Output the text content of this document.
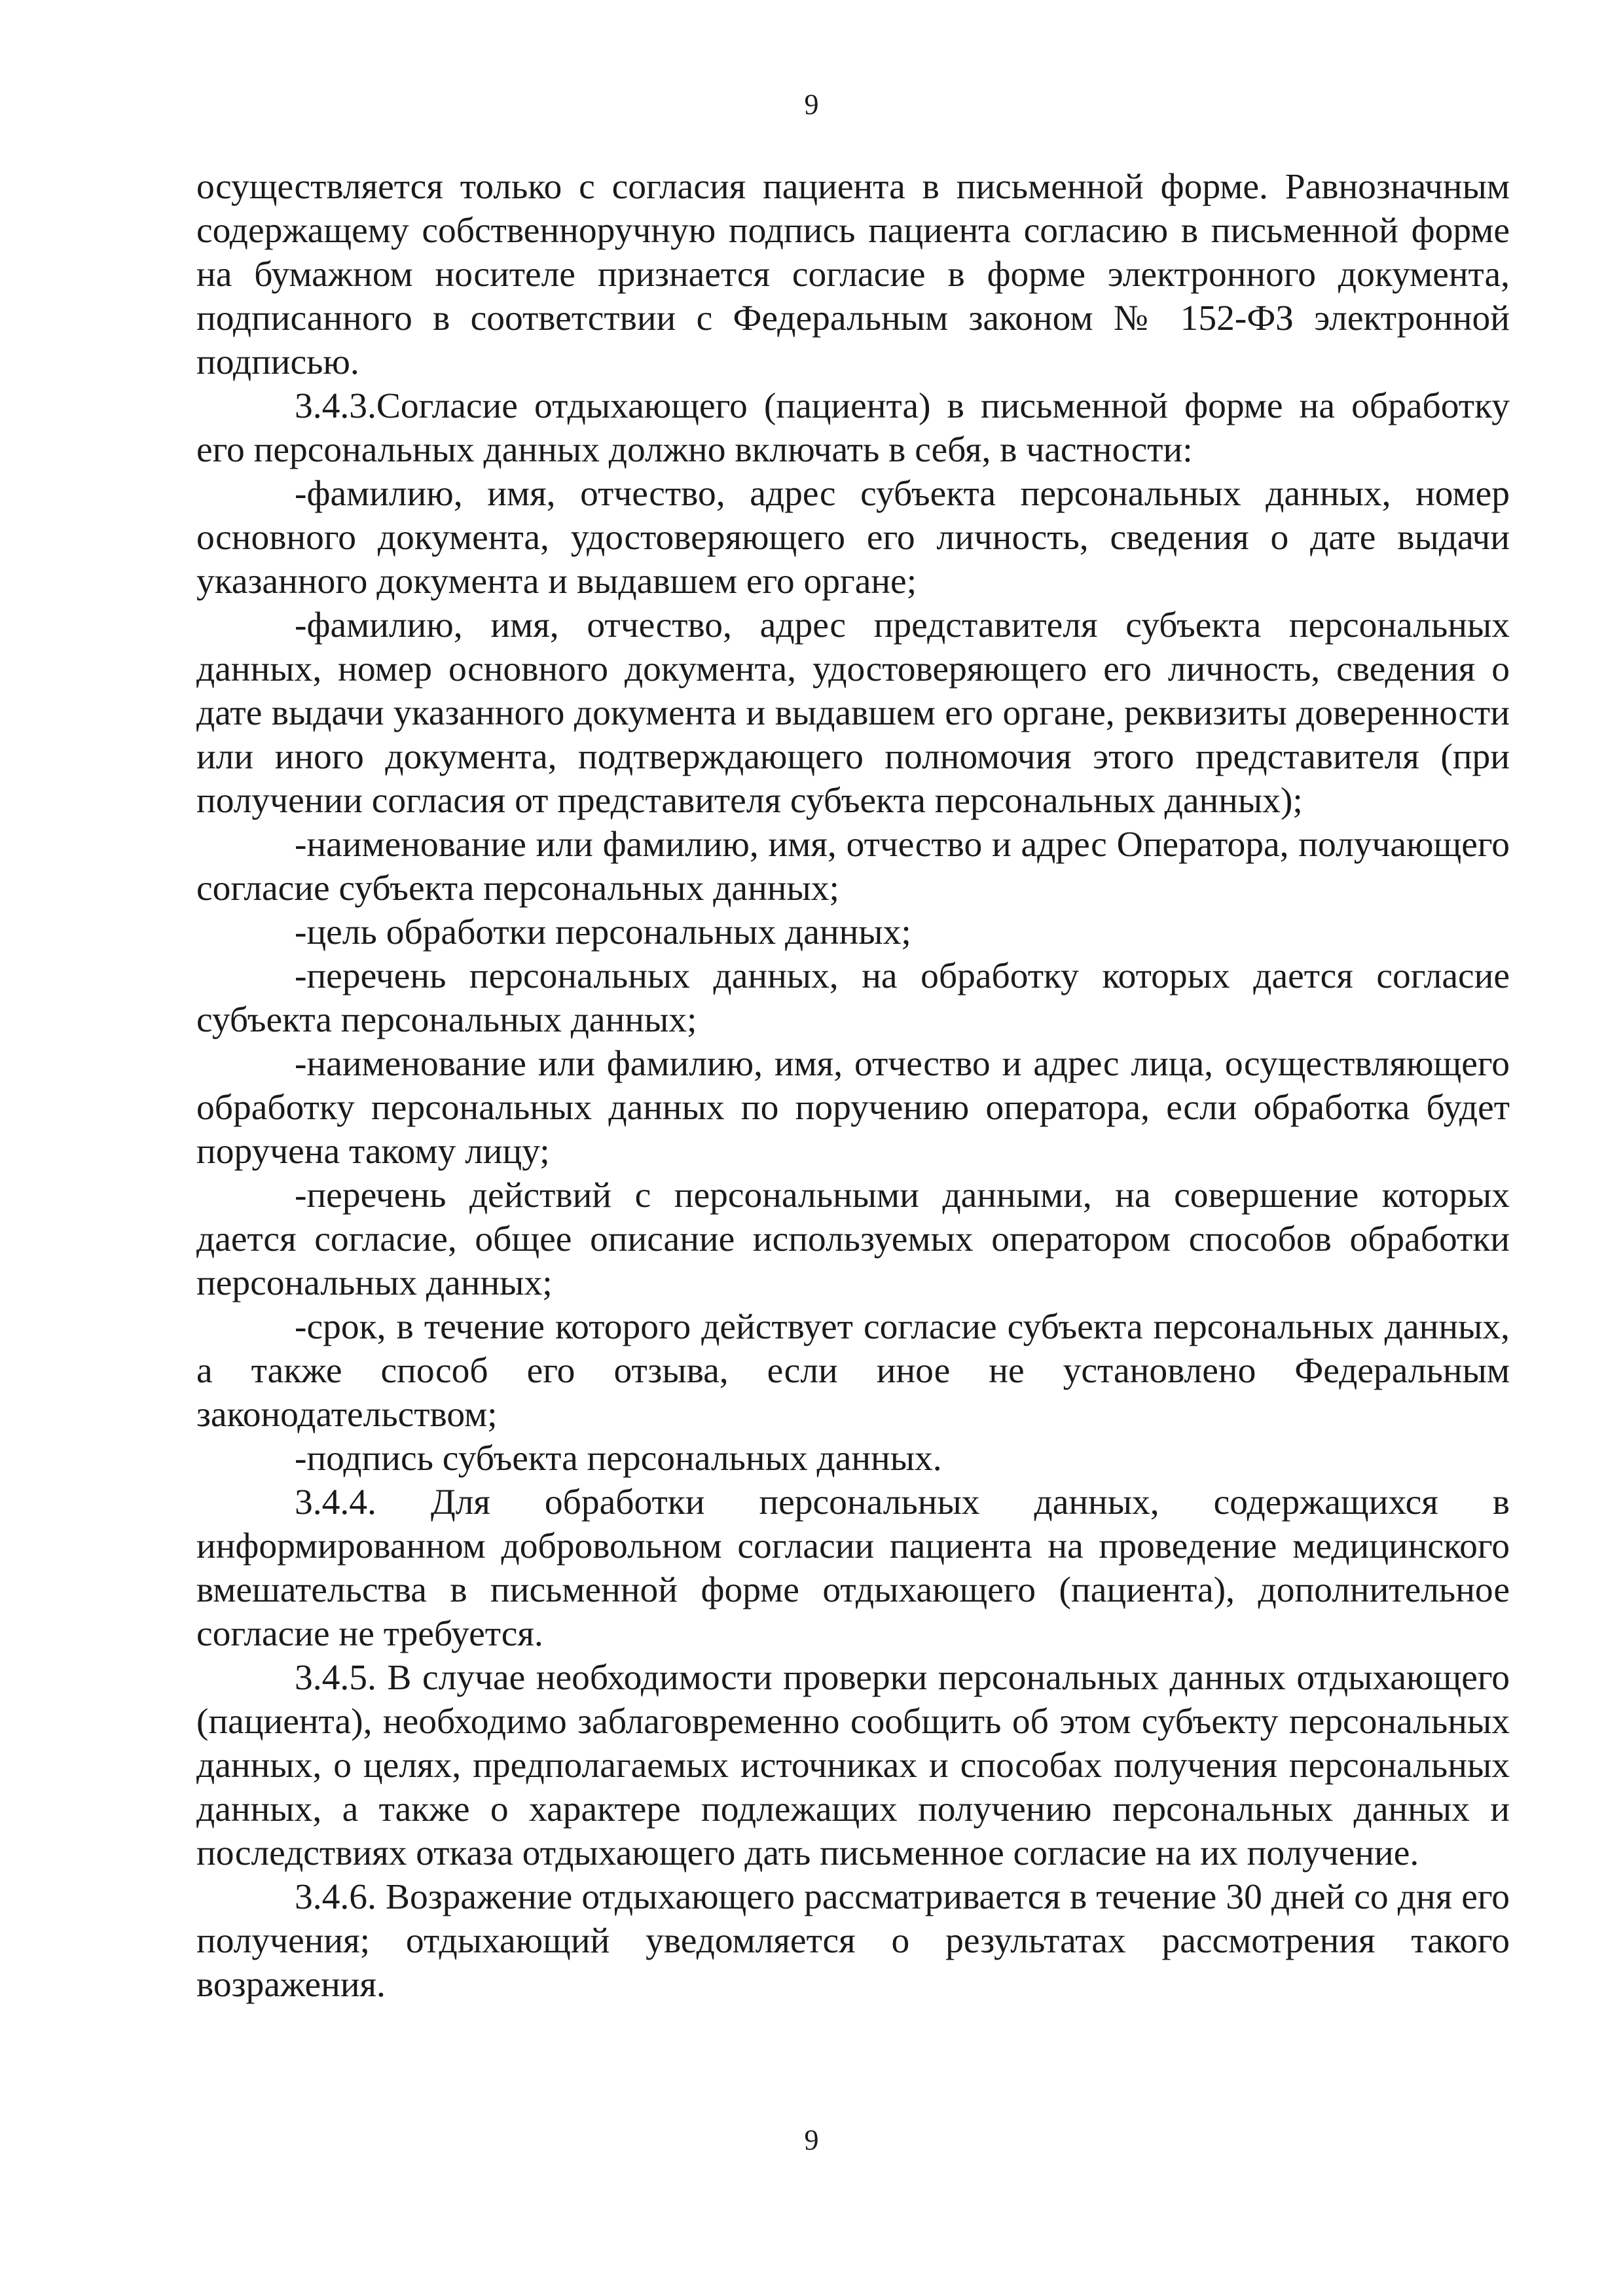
9

осуществляется только с согласия пациента в письменной форме. Равнозначным содержащему собственноручную подпись пациента согласию в письменной форме на бумажном носителе признается согласие в форме электронного документа, подписанного в соответствии с Федеральным законом № 152-ФЗ электронной подписью.

3.4.3.Согласие отдыхающего (пациента) в письменной форме на обработку его персональных данных должно включать в себя, в частности:

-фамилию, имя, отчество, адрес субъекта персональных данных, номер основного документа, удостоверяющего его личность, сведения о дате выдачи указанного документа и выдавшем его органе;

-фамилию, имя, отчество, адрес представителя субъекта персональных данных, номер основного документа, удостоверяющего его личность, сведения о дате выдачи указанного документа и выдавшем его органе, реквизиты доверенности или иного документа, подтверждающего полномочия этого представителя (при получении согласия от представителя субъекта персональных данных);

-наименование или фамилию, имя, отчество и адрес Оператора, получающего согласие субъекта персональных данных;

-цель обработки персональных данных;

-перечень персональных данных, на обработку которых дается согласие субъекта персональных данных;

-наименование или фамилию, имя, отчество и адрес лица, осуществляющего обработку персональных данных по поручению оператора, если обработка будет поручена такому лицу;

-перечень действий с персональными данными, на совершение которых дается согласие, общее описание используемых оператором способов обработки персональных данных;

-срок, в течение которого действует согласие субъекта персональных данных, а также способ его отзыва, если иное не установлено Федеральным законодательством;

-подпись субъекта персональных данных.

3.4.4. Для обработки персональных данных, содержащихся в информированном добровольном согласии пациента на проведение медицинского вмешательства в письменной форме отдыхающего (пациента), дополнительное согласие не требуется.

3.4.5. В случае необходимости проверки персональных данных отдыхающего (пациента), необходимо заблаговременно сообщить об этом субъекту персональных данных, о целях, предполагаемых источниках и способах получения персональных данных, а также о характере подлежащих получению персональных данных и последствиях отказа отдыхающего дать письменное согласие на их получение.

3.4.6. Возражение отдыхающего рассматривается в течение 30 дней со дня его получения; отдыхающий уведомляется о результатах рассмотрения такого возражения.

9
